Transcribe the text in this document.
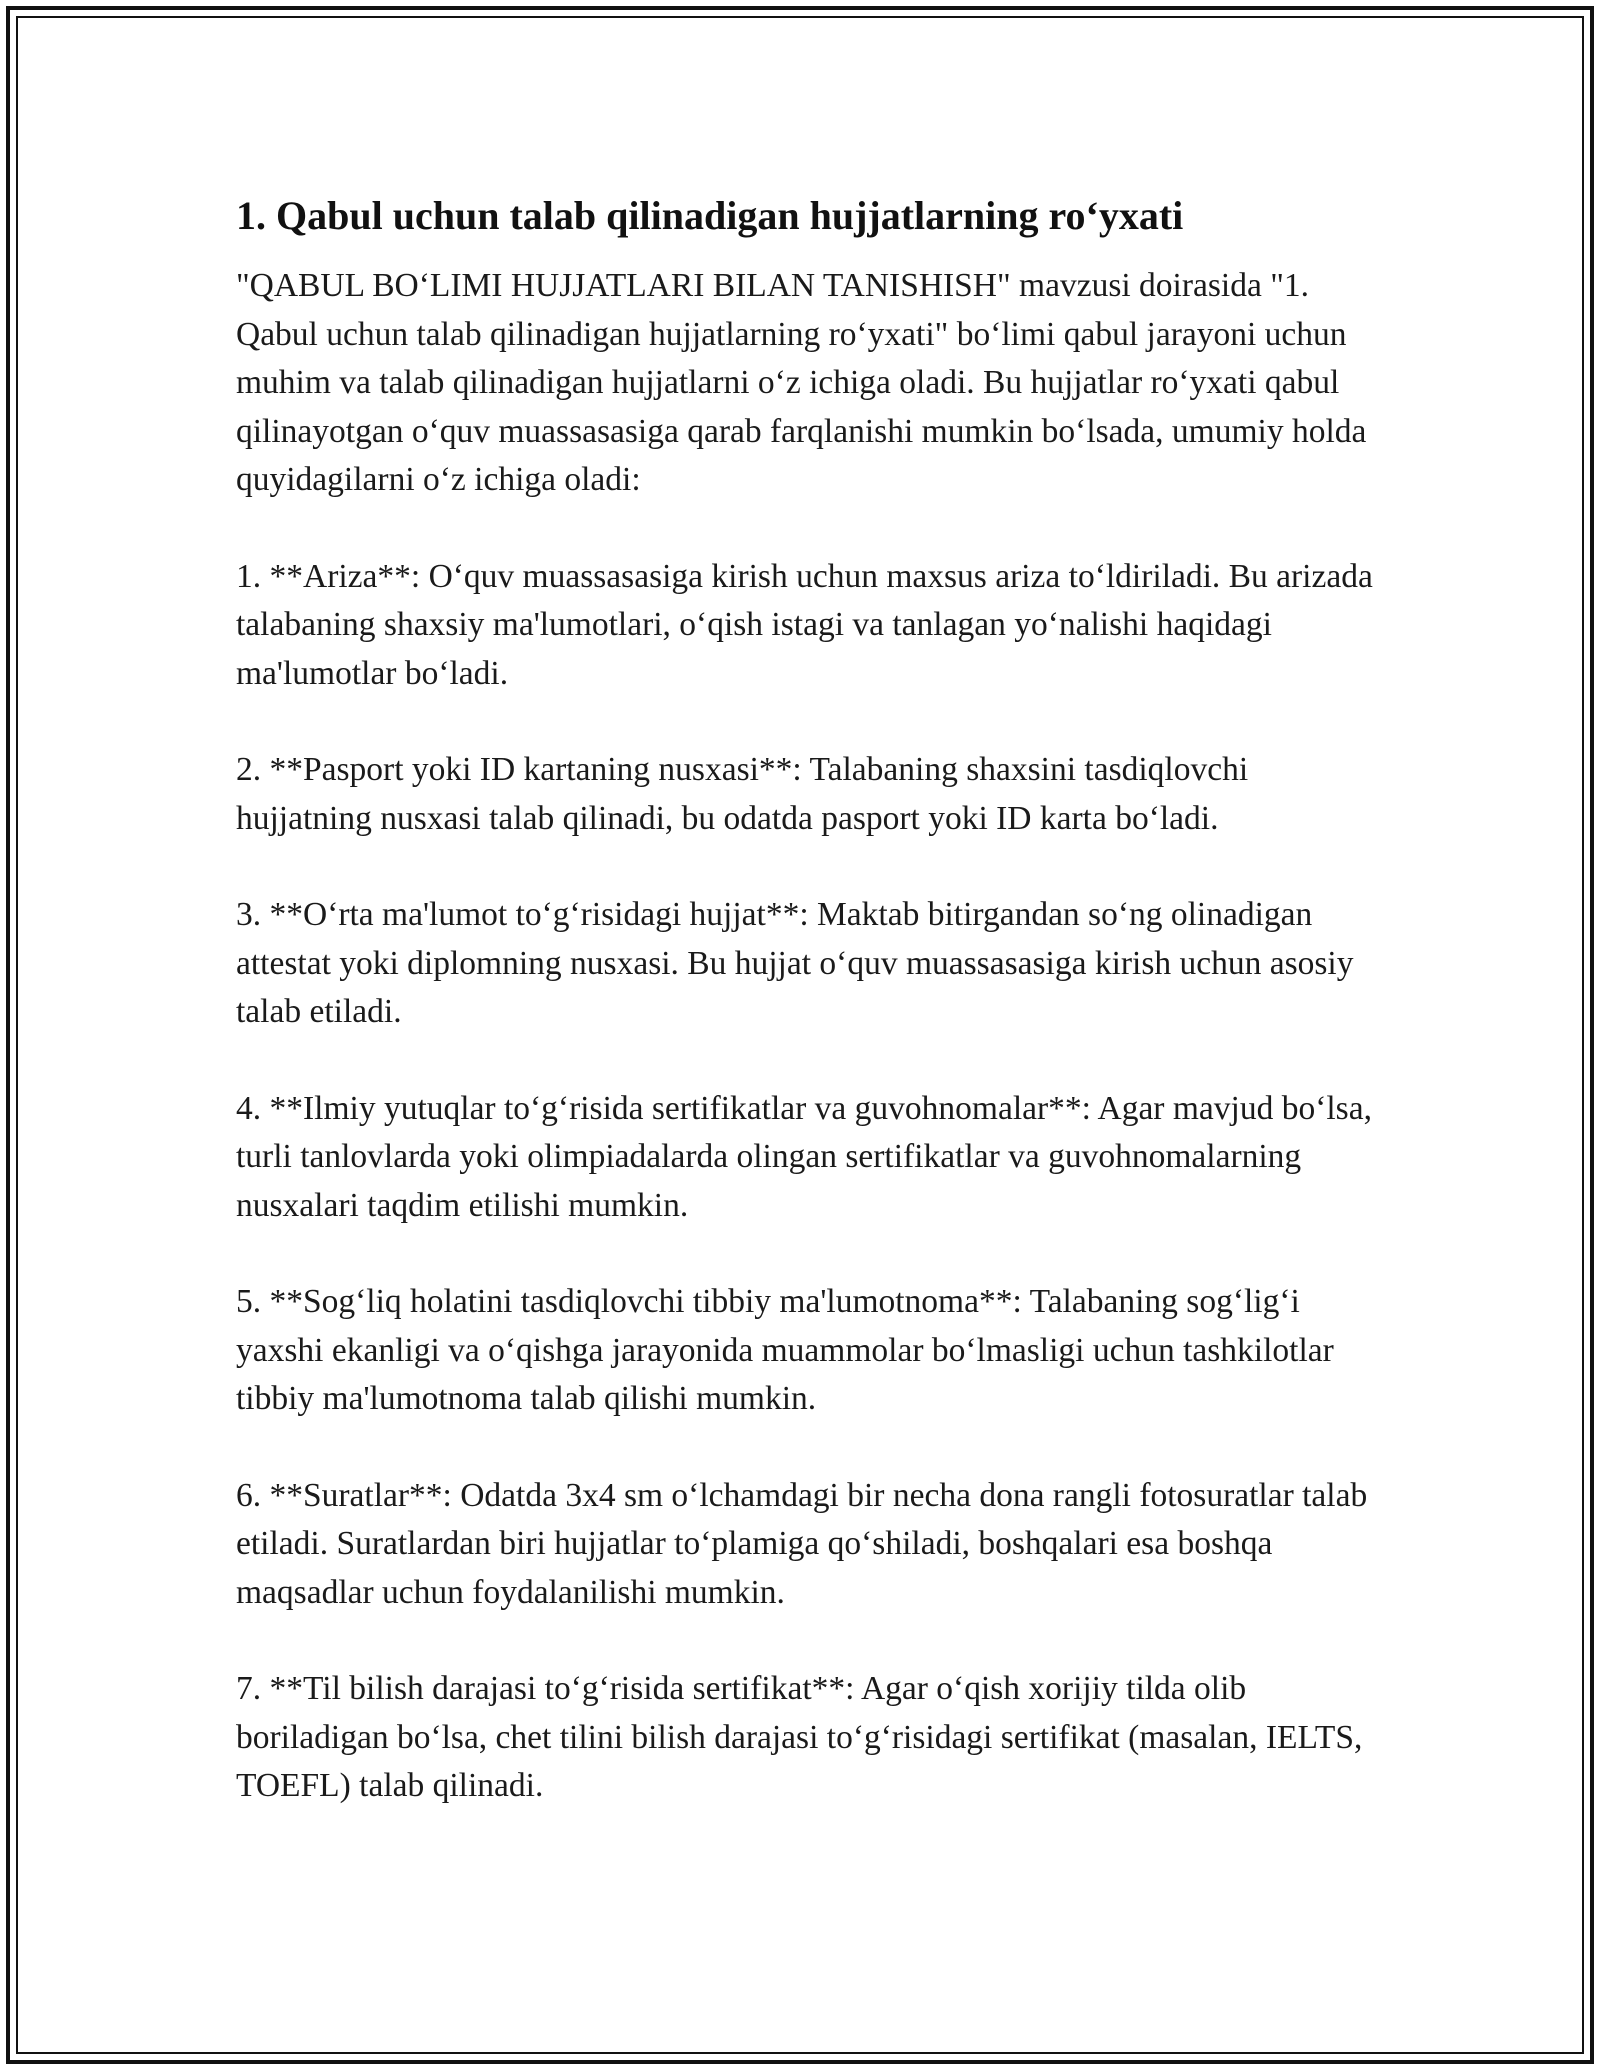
1. Qabul uchun talab qilinadigan hujjatlarning ro‘yxati

"QABUL BO‘LIMI HUJJATLARI BILAN TANISHISH" mavzusi doirasida "1. Qabul uchun talab qilinadigan hujjatlarning ro‘yxati" bo‘limi qabul jarayoni uchun muhim va talab qilinadigan hujjatlarni o‘z ichiga oladi. Bu hujjatlar ro‘yxati qabul qilinayotgan o‘quv muassasasiga qarab farqlanishi mumkin bo‘lsada, umumiy holda quyidagilarni o‘z ichiga oladi:

1. **Ariza**: O‘quv muassasasiga kirish uchun maxsus ariza to‘ldiriladi. Bu arizada talabaning shaxsiy ma'lumotlari, o‘qish istagi va tanlagan yo‘nalishi haqidagi ma'lumotlar bo‘ladi.

2. **Pasport yoki ID kartaning nusxasi**: Talabaning shaxsini tasdiqlovchi hujjatning nusxasi talab qilinadi, bu odatda pasport yoki ID karta bo‘ladi.

3. **O‘rta ma'lumot to‘g‘risidagi hujjat**: Maktab bitirgandan so‘ng olinadigan attestat yoki diplomning nusxasi. Bu hujjat o‘quv muassasasiga kirish uchun asosiy talab etiladi.

4. **Ilmiy yutuqlar to‘g‘risida sertifikatlar va guvohnomalar**: Agar mavjud bo‘lsa, turli tanlovlarda yoki olimpiadalarda olingan sertifikatlar va guvohnomalarning nusxalari taqdim etilishi mumkin.

5. **Sog‘liq holatini tasdiqlovchi tibbiy ma'lumotnoma**: Talabaning sog‘lig‘i yaxshi ekanligi va o‘qishga jarayonida muammolar bo‘lmasligi uchun tashkilotlar tibbiy ma'lumotnoma talab qilishi mumkin.

6. **Suratlar**: Odatda 3x4 sm o‘lchamdagi bir necha dona rangli fotosuratlar talab etiladi. Suratlardan biri hujjatlar to‘plamiga qo‘shiladi, boshqalari esa boshqa maqsadlar uchun foydalanilishi mumkin.

7. **Til bilish darajasi to‘g‘risida sertifikat**: Agar o‘qish xorijiy tilda olib boriladigan bo‘lsa, chet tilini bilish darajasi to‘g‘risidagi sertifikat (masalan, IELTS, TOEFL) talab qilinadi.
